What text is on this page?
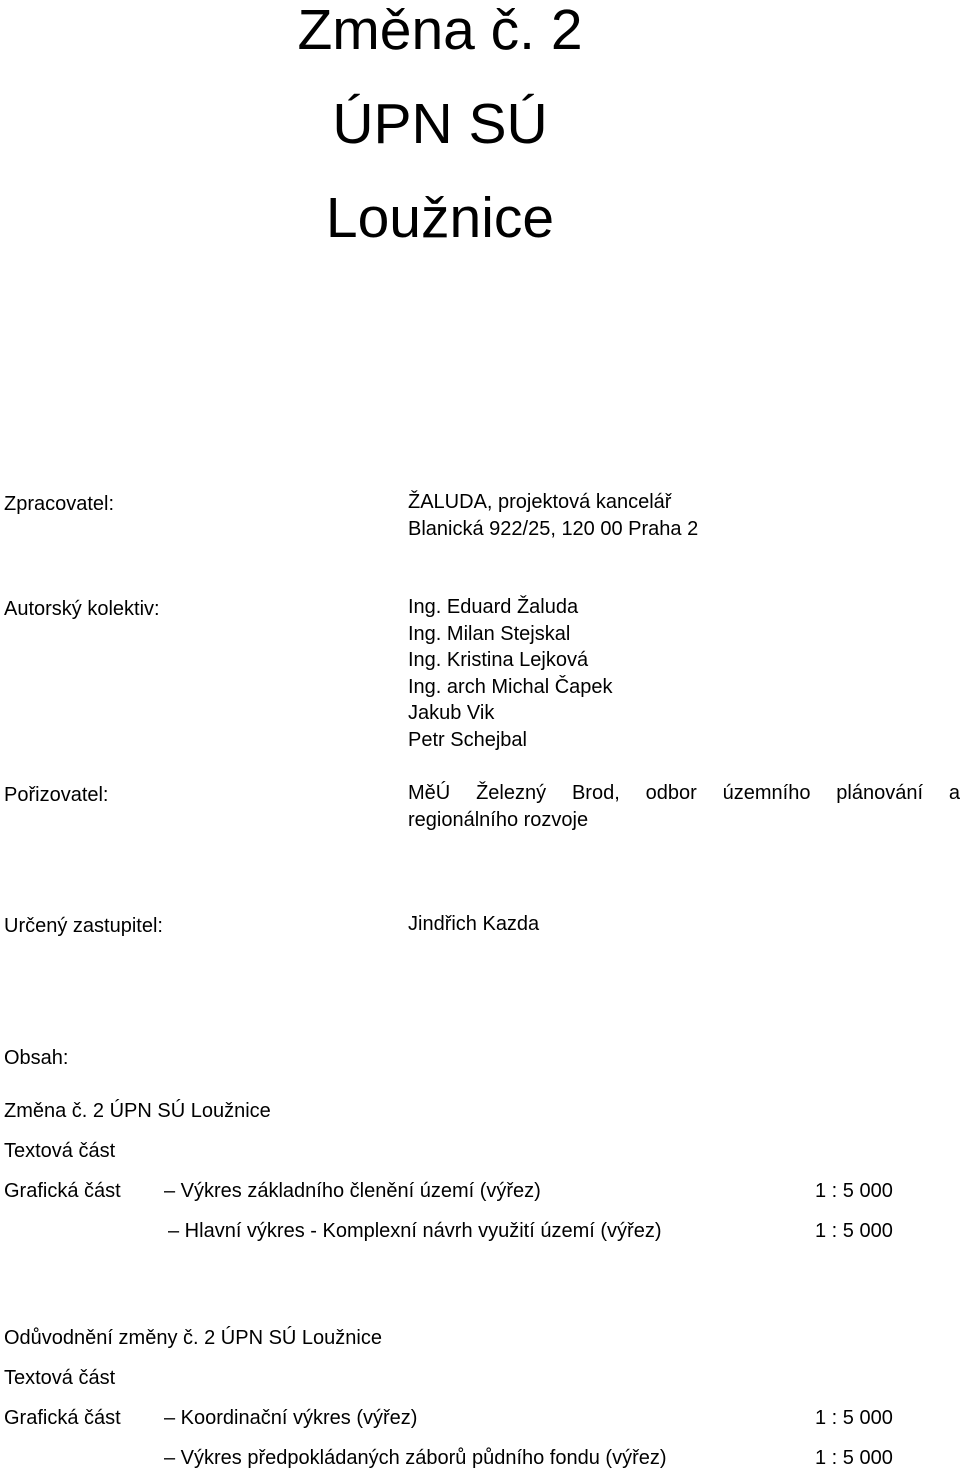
Změna č. 2
ÚPN SÚ
Loužnice
Zpracovatel:	ŽALUDA, projektová kancelář
Blanická 922/25, 120 00 Praha 2
Autorský kolektiv:	Ing. Eduard Žaluda
Ing. Milan Stejskal
Ing. Kristina Lejková
Ing. arch Michal Čapek
Jakub Vik
Petr Schejbal
Pořizovatel:	MěÚ Železný Brod, odbor územního plánování a
regionálního rozvoje
Určený zastupitel:	Jindřich Kazda
Obsah:
Změna č. 2 ÚPN SÚ Loužnice
Textová část
Grafická část – Výkres základního členění území (výřez)	1 : 5 000
– Hlavní výkres - Komplexní návrh využití území (výřez)	1 : 5 000
Odůvodnění změny č. 2 ÚPN SÚ Loužnice
Textová část
Grafická část – Koordinační výkres (výřez)	1 : 5 000
– Výkres předpokládaných záborů půdního fondu (výřez)	1 : 5 000
